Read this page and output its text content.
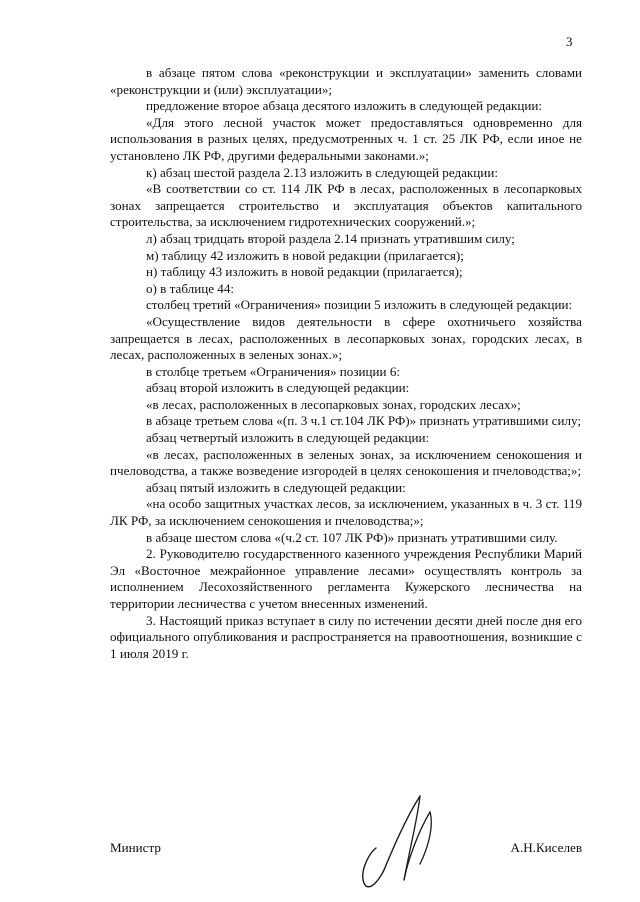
3

в абзаце пятом слова «реконструкции и эксплуатации» заменить словами «реконструкции и (или) эксплуатации»;

предложение второе абзаца десятого изложить в следующей редакции:

«Для этого лесной участок может предоставляться одновременно для использования в разных целях, предусмотренных ч. 1 ст. 25 ЛК РФ, если иное не установлено ЛК РФ, другими федеральными законами.»;

к) абзац шестой раздела 2.13 изложить в следующей редакции:

«В соответствии со ст. 114 ЛК РФ в лесах, расположенных в лесопарковых зонах запрещается строительство и эксплуатация объектов капитального строительства, за исключением гидротехнических сооружений.»;

л) абзац тридцать второй раздела 2.14 признать утратившим силу;

м) таблицу 42 изложить в новой редакции (прилагается);

н) таблицу 43 изложить в новой редакции (прилагается);

о) в таблице 44:

столбец третий «Ограничения» позиции 5 изложить в следующей редакции:

«Осуществление видов деятельности в сфере охотничьего хозяйства запрещается в лесах, расположенных в лесопарковых зонах, городских лесах, в лесах, расположенных в зеленых зонах.»;

в столбце третьем «Ограничения» позиции 6:

абзац второй изложить в следующей редакции:

«в лесах, расположенных в лесопарковых зонах, городских лесах»;

в абзаце третьем слова «(п. 3 ч.1 ст.104 ЛК РФ)» признать утратившими силу;

абзац четвертый изложить в следующей редакции:

«в лесах, расположенных в зеленых зонах, за исключением сенокошения и пчеловодства, а также возведение изгородей в целях сенокошения и пчеловодства;»;

абзац пятый изложить в следующей редакции:

«на особо защитных участках лесов, за исключением, указанных в ч. 3 ст. 119 ЛК РФ, за исключением сенокошения и пчеловодства;»;

в абзаце шестом слова «(ч.2 ст. 107 ЛК РФ)» признать утратившими силу.

2. Руководителю государственного казенного учреждения Республики Марий Эл «Восточное межрайонное управление лесами» осуществлять контроль за исполнением Лесохозяйственного регламента Кужерского лесничества на территории лесничества с учетом внесенных изменений.

3. Настоящий приказ вступает в силу по истечении десяти дней после дня его официального опубликования и распространяется на правоотношения, возникшие с 1 июля 2019 г.

Министр	А.Н.Киселев
